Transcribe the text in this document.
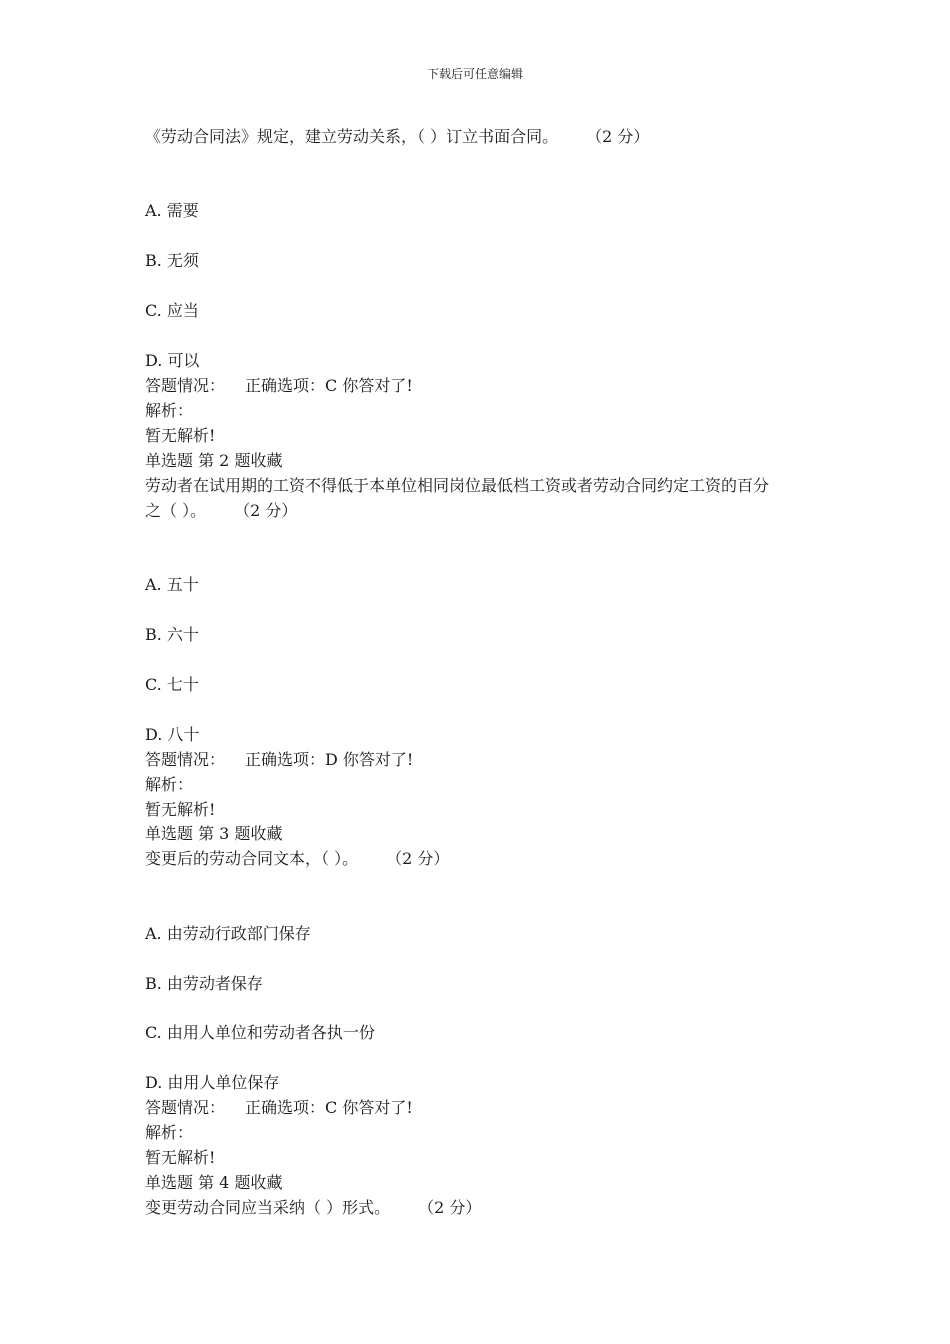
下载后可任意编辑
《劳动合同法》规定，建立劳动关系，（ ）订立书面合同。 （2 分）
A. 需要
B. 无须
C. 应当
D. 可以
答题情况： 正确选项：C 你答对了!
解析：
暂无解析!
单选题 第 2 题收藏
劳动者在试用期的工资不得低于本单位相同岗位最低档工资或者劳动合同约定工资的百分
之（ ）。 （2 分）
A. 五十
B. 六十
C. 七十
D. 八十
答题情况： 正确选项：D 你答对了!
解析：
暂无解析!
单选题 第 3 题收藏
变更后的劳动合同文本，（ ）。 （2 分）
A. 由劳动行政部门保存
B. 由劳动者保存
C. 由用人单位和劳动者各执一份
D. 由用人单位保存
答题情况： 正确选项：C 你答对了!
解析：
暂无解析!
单选题 第 4 题收藏
变更劳动合同应当采纳（ ）形式。 （2 分）
